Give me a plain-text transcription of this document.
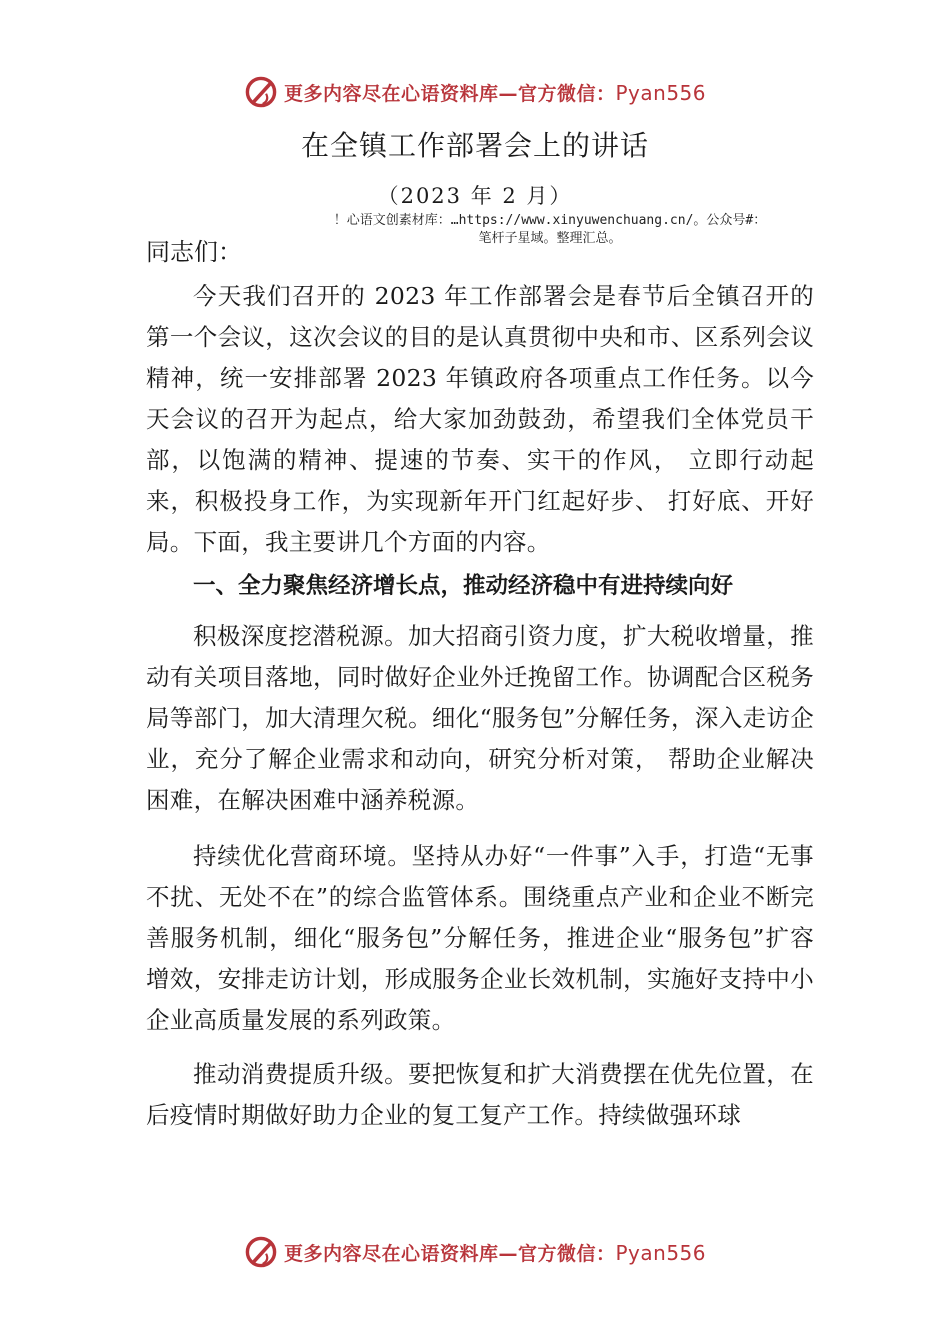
更多内容尽在心语资料库—官方微信：Pyan556
在全镇工作部署会上的讲话
（2023 年 2 月）
！心语文创素材库：…https://www.xinyuwenchuang.cn/。公众号#：
笔杆子星域。整理汇总。

同志们：

今天我们召开的 2023 年工作部署会是春节后全镇召开的第一个会议，这次会议的目的是认真贯彻中央和市、区系列会议精神，统一安排部署 2023 年镇政府各项重点工作任务。以今天会议的召开为起点，给大家加劲鼓劲，希望我们全体党员干部，以饱满的精神、提速的节奏、实干的作风， 立即行动起来，积极投身工作，为实现新年开门红起好步、 打好底、开好局。下面，我主要讲几个方面的内容。

一、全力聚焦经济增长点，推动经济稳中有进持续向好

积极深度挖潜税源。加大招商引资力度，扩大税收增量，推动有关项目落地，同时做好企业外迁挽留工作。协调配合区税务局等部门，加大清理欠税。细化“服务包”分解任务，深入走访企业，充分了解企业需求和动向，研究分析对策， 帮助企业解决困难，在解决困难中涵养税源。

持续优化营商环境。坚持从办好“一件事”入手，打造“无事不扰、无处不在”的综合监管体系。围绕重点产业和企业不断完善服务机制，细化“服务包”分解任务，推进企业“服务包”扩容增效，安排走访计划，形成服务企业长效机制，实施好支持中小企业高质量发展的系列政策。

推动消费提质升级。要把恢复和扩大消费摆在优先位置，在后疫情时期做好助力企业的复工复产工作。持续做强环球

更多内容尽在心语资料库—官方微信：Pyan556
